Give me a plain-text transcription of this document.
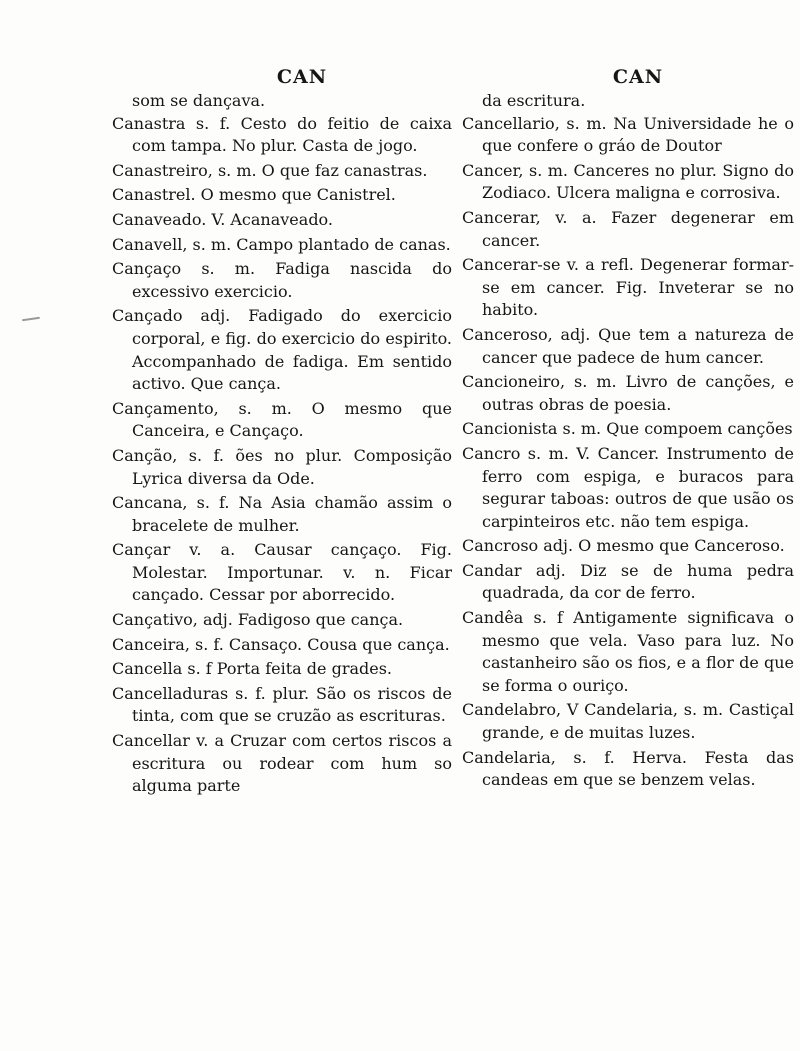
CAN

som se dançava.

Canastra s. f. Cesto do feitio de caixa com tampa. No plur. Casta de jogo.

Canastreiro, s. m. O que faz canastras.

Canastrel. O mesmo que Canistrel.

Canaveado. V. Acanaveado.

Canavell, s. m. Campo plantado de canas.

Cançaço s. m. Fadiga nascida do excessivo exercicio.

Cançado adj. Fadigado do exercicio corporal, e fig. do exercicio do espirito. Accompanhado de fadiga. Em sentido activo. Que cança.

Cançamento, s. m. O mesmo que Canceira, e Cançaço.

Canção, s. f. ões no plur. Composição Lyrica diversa da Ode.

Cancana, s. f. Na Asia chamão assim o bracelete de mulher.

Cançar v. a. Causar cançaço. Fig. Molestar. Importunar. v. n. Ficar cançado. Cessar por aborrecido.

Cançativo, adj. Fadigoso que cança.

Canceira, s. f. Cansaço. Cousa que cança.

Cancella s. f Porta feita de grades.

Cancelladuras s. f. plur. São os riscos de tinta, com que se cruzão as escrituras.

Cancellar v. a Cruzar com certos riscos a escritura ou rodear com hum so alguma parte

CAN

da escritura.

Cancellario, s. m. Na Universidade he o que confere o gráo de Doutor

Cancer, s. m. Canceres no plur. Signo do Zodiaco. Ulcera maligna e corrosiva.

Cancerar, v. a. Fazer degenerar em cancer.

Cancerar-se v. a refl. Degenerar formar-se em cancer. Fig. Inveterar se no habito.

Canceroso, adj. Que tem a natureza de cancer que padece de hum cancer.

Cancioneiro, s. m. Livro de canções, e outras obras de poesia.

Cancionista s. m. Que compoem canções

Cancro s. m. V. Cancer. Instrumento de ferro com espiga, e buracos para segurar taboas: outros de que usão os carpinteiros etc. não tem espiga.

Cancroso adj. O mesmo que Canceroso.

Candar adj. Diz se de huma pedra quadrada, da cor de ferro.

Candêa s. f Antigamente significava o mesmo que vela. Vaso para luz. No castanheiro são os fios, e a flor de que se forma o ouriço.

Candelabro, V Candelaria, s. m. Castiçal grande, e de muitas luzes.

Candelaria, s. f. Herva. Festa das candeas em que se benzem velas.
